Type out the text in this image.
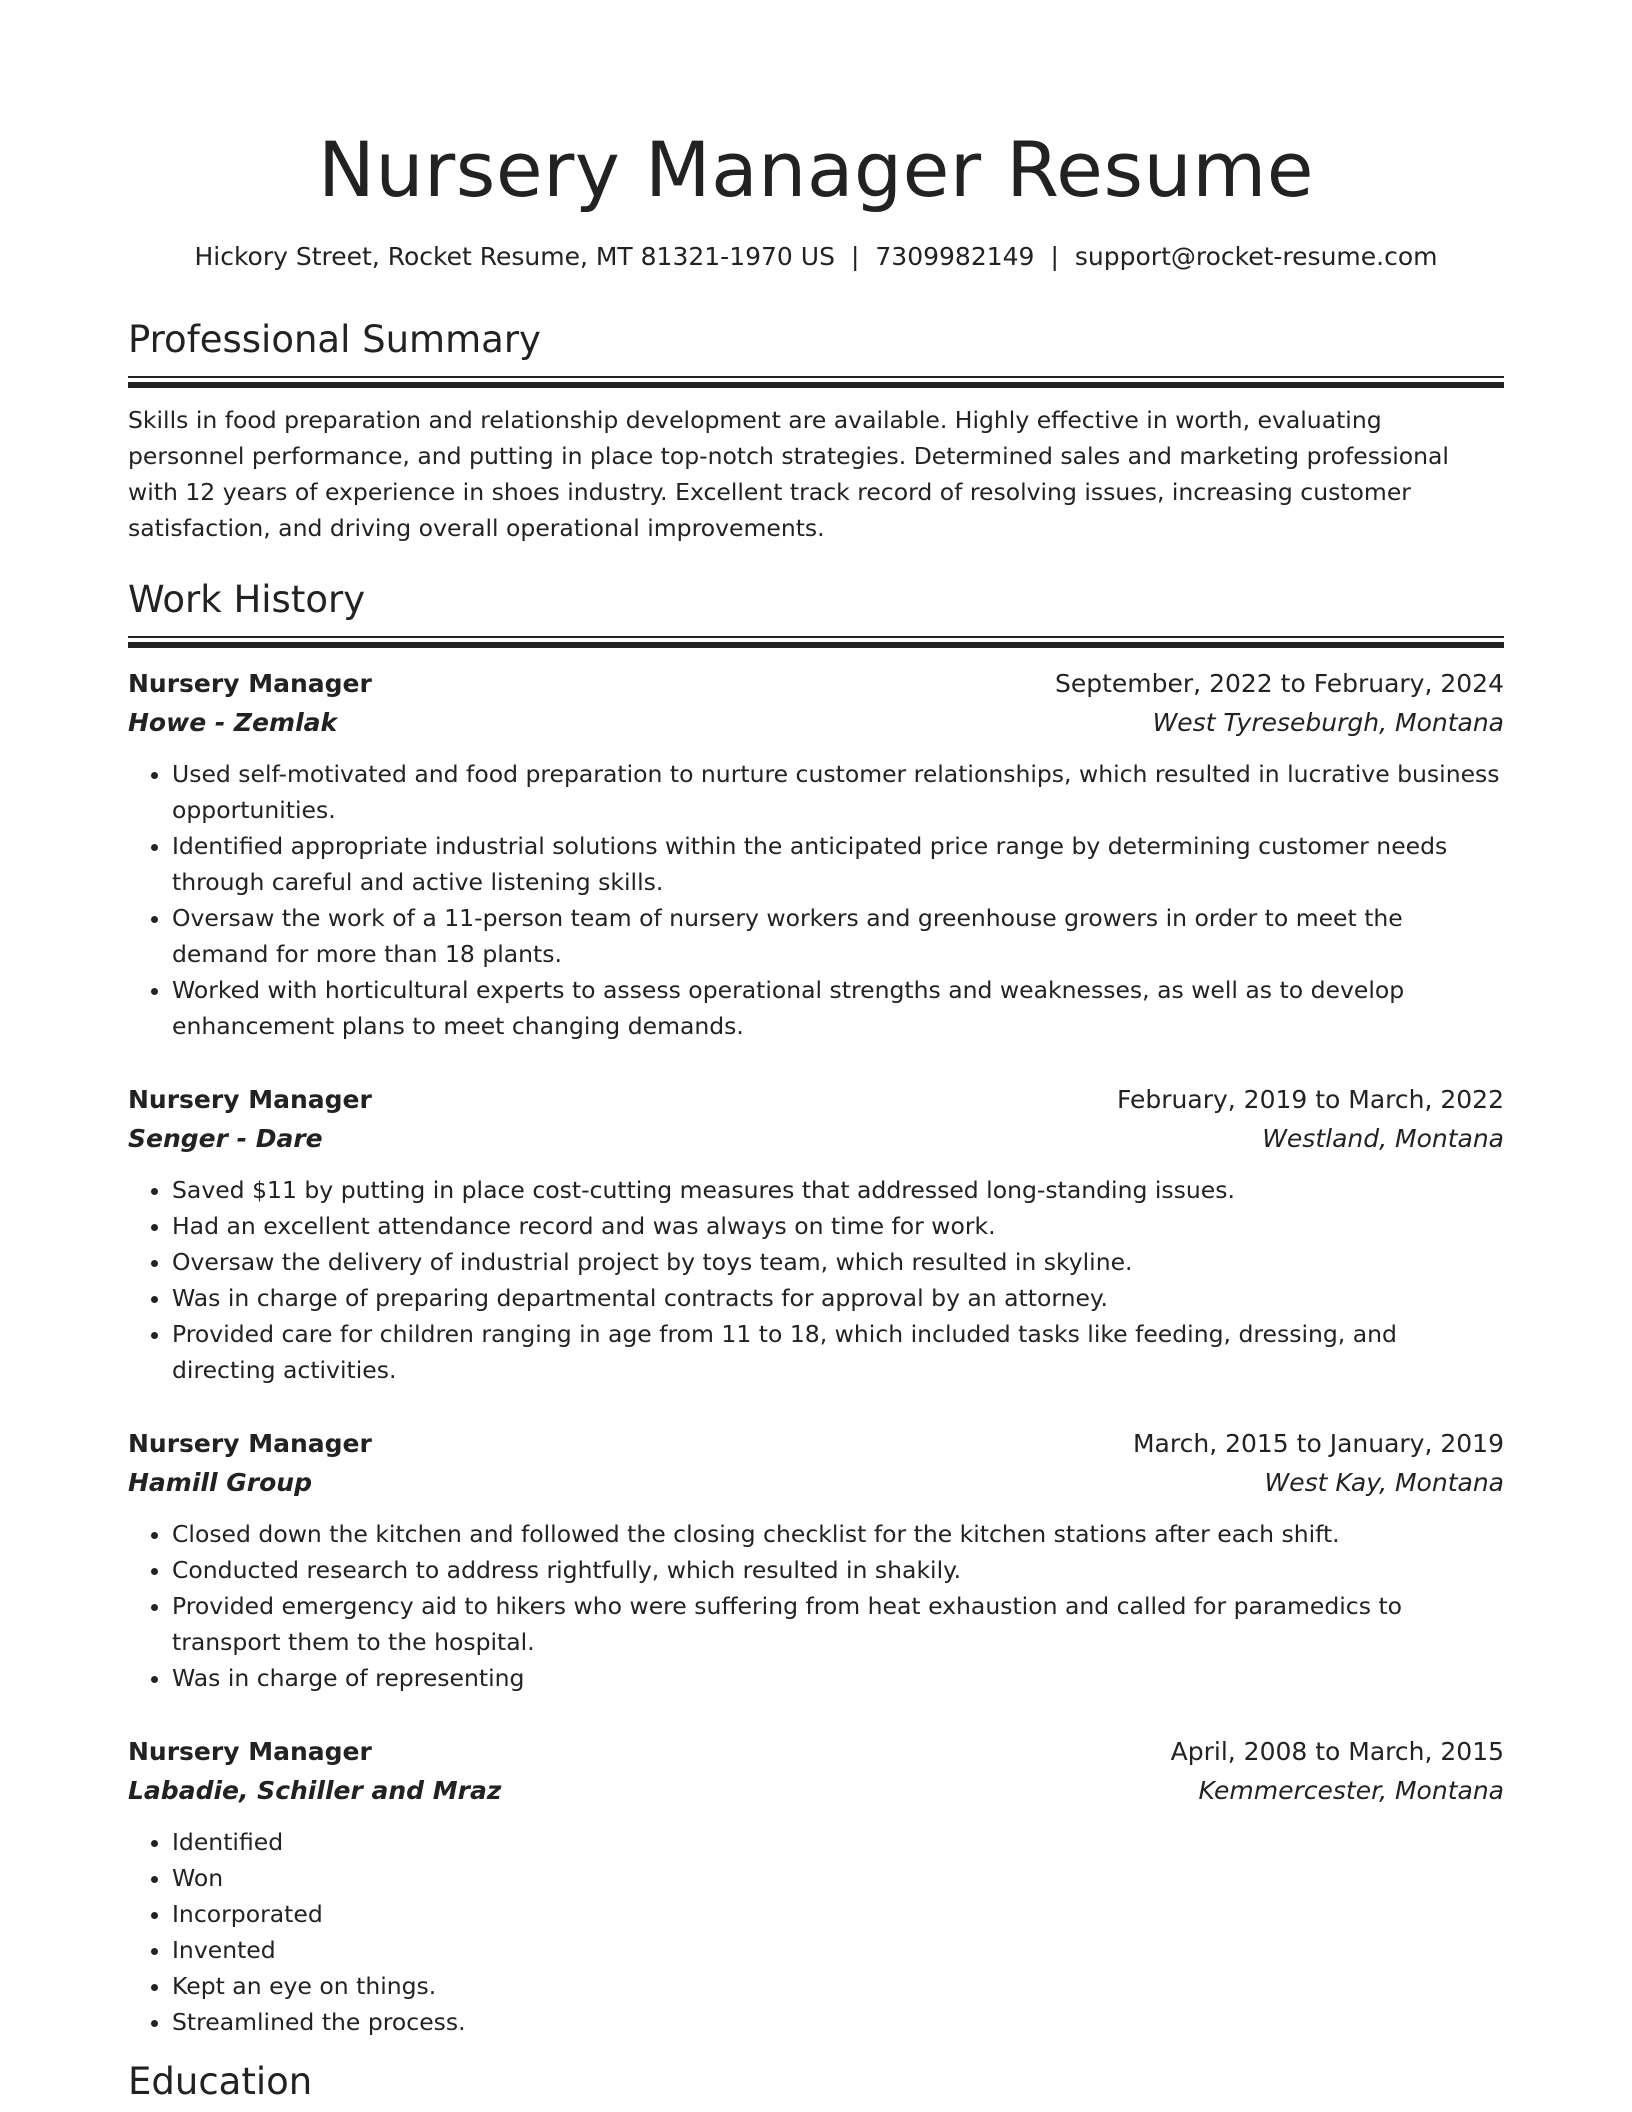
Nursery Manager Resume
Hickory Street, Rocket Resume, MT 81321-1970 US | 7309982149 | support@rocket-resume.com
Professional Summary

Skills in food preparation and relationship development are available. Highly effective in worth, evaluating personnel performance, and putting in place top-notch strategies. Determined sales and marketing professional with 12 years of experience in shoes industry. Excellent track record of resolving issues, increasing customer satisfaction, and driving overall operational improvements.

Work History
Nursery Manager	September, 2022 to February, 2024
Howe - Zemlak	West Tyreseburgh, Montana
• Used self-motivated and food preparation to nurture customer relationships, which resulted in lucrative business opportunities.
• Identified appropriate industrial solutions within the anticipated price range by determining customer needs through careful and active listening skills.
• Oversaw the work of a 11-person team of nursery workers and greenhouse growers in order to meet the demand for more than 18 plants.
• Worked with horticultural experts to assess operational strengths and weaknesses, as well as to develop enhancement plans to meet changing demands.
Nursery Manager	February, 2019 to March, 2022
Senger - Dare	Westland, Montana
• Saved $11 by putting in place cost-cutting measures that addressed long-standing issues.
• Had an excellent attendance record and was always on time for work.
• Oversaw the delivery of industrial project by toys team, which resulted in skyline.
• Was in charge of preparing departmental contracts for approval by an attorney.
• Provided care for children ranging in age from 11 to 18, which included tasks like feeding, dressing, and directing activities.
Nursery Manager	March, 2015 to January, 2019
Hamill Group	West Kay, Montana
• Closed down the kitchen and followed the closing checklist for the kitchen stations after each shift.
• Conducted research to address rightfully, which resulted in shakily.
• Provided emergency aid to hikers who were suffering from heat exhaustion and called for paramedics to transport them to the hospital.
• Was in charge of representing
Nursery Manager	April, 2008 to March, 2015
Labadie, Schiller and Mraz	Kemmercester, Montana
• Identified
• Won
• Incorporated
• Invented
• Kept an eye on things.
• Streamlined the process.
Education
